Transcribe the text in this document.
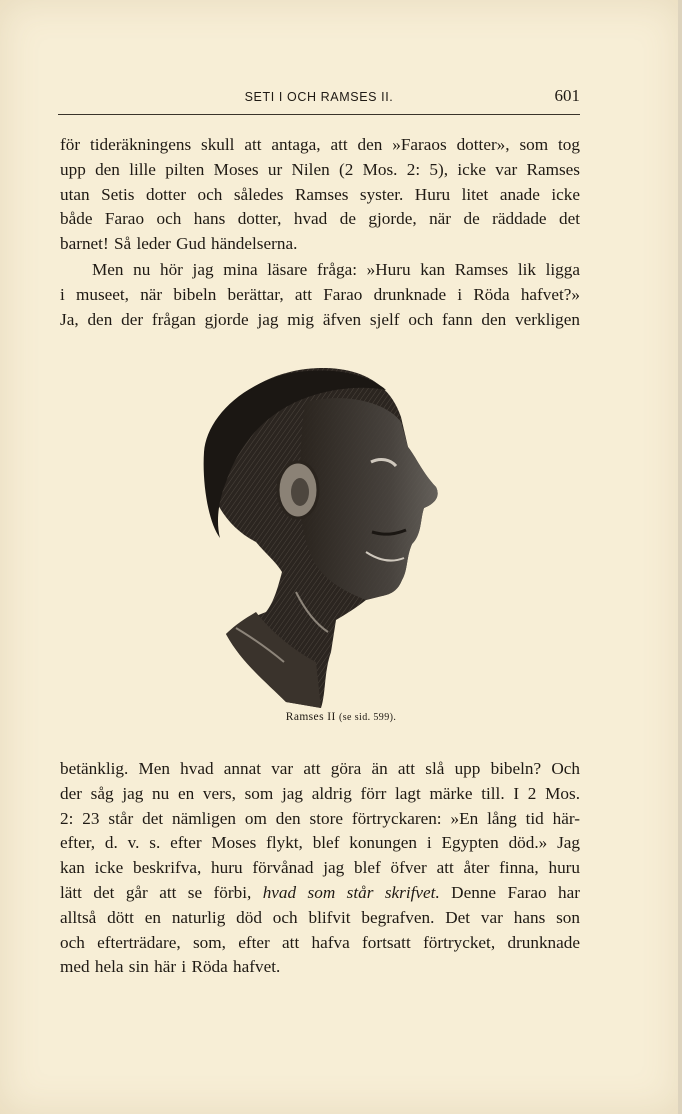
SETI I OCH RAMSES II.	601

för tideräkningens skull att antaga, att den »Faraos dotter», som tog
upp den lille pilten Moses ur Nilen (2 Mos. 2: 5), icke var Ramses
utan Setis dotter och således Ramses syster. Huru litet anade icke
både Farao och hans dotter, hvad de gjorde, när de räddade det
barnet! Så leder Gud händelserna.

Men nu hör jag mina läsare fråga: »Huru kan Ramses lik ligga
i museet, när bibeln berättar, att Farao drunknade i Röda hafvet?»
Ja, den der frågan gjorde jag mig äfven sjelf och fann den verkligen

Ramses II (se sid. 599).

betänklig. Men hvad annat var att göra än att slå upp bibeln? Och
der såg jag nu en vers, som jag aldrig förr lagt märke till. I 2 Mos.
2: 23 står det nämligen om den store förtryckaren: »En lång tid här-
efter, d. v. s. efter Moses flykt, blef konungen i Egypten död.» Jag
kan icke beskrifva, huru förvånad jag blef öfver att åter finna, huru
lätt det går att se förbi, hvad som står skrifvet. Denne Farao har
alltså dött en naturlig död och blifvit begrafven. Det var hans son
och efterträdare, som, efter att hafva fortsatt förtrycket, drunknade
med hela sin här i Röda hafvet.
